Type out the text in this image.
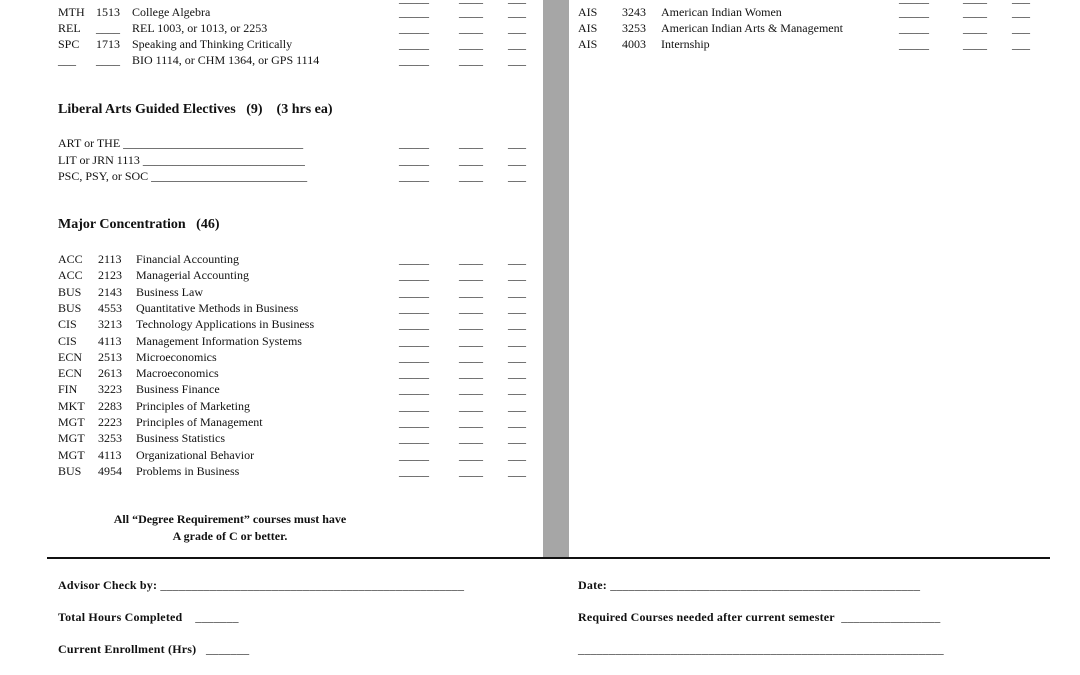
MTH 1513 College Algebra	_____	____ ___
REL ____ REL 1003, or 1013, or 2253	_____	____ ___
SPC 1713 Speaking and Thinking Critically	_____	____ ___
___ ____ BIO 1114, or CHM 1364, or GPS 1114	_____	____ ___
Liberal Arts Guided Electives (9) (3 hrs ea)
ART or THE ______________________________	_____	____ ___
LIT or JRN 1113 ___________________________	_____	____ ___
PSC, PSY, or SOC __________________________	_____	____ ___
Major Concentration (46)
ACC 2113 Financial Accounting	_____	____ ___
ACC 2123 Managerial Accounting	_____	____ ___
BUS 2143 Business Law	_____	____ ___
BUS 4553 Quantitative Methods in Business	_____	____ ___
CIS 3213 Technology Applications in Business	_____	____ ___
CIS 4113 Management Information Systems	_____	____ ___
ECN 2513 Microeconomics	_____	____ ___
ECN 2613 Macroeconomics	_____	____ ___
FIN 3223 Business Finance	_____	____ ___
MKT 2283 Principles of Marketing	_____	____ ___
MGT 2223 Principles of Management	_____	____ ___
MGT 3253 Business Statistics	_____	____ ___
MGT 4113 Organizational Behavior	_____	____ ___
BUS 4954 Problems in Business	_____	____ ___
All “Degree Requirement” courses must have
A grade of C or better.
AIS 3243 American Indian Women	_____	____ ___
AIS 3253 American Indian Arts & Management	_____	____ ___
AIS 4003 Internship	_____	____ ___
Advisor Check by: _________________________________________________	Date: __________________________________________________
Total Hours Completed _______	Required Courses needed after current semester ________________
Current Enrollment (Hrs) _______	___________________________________________________________
